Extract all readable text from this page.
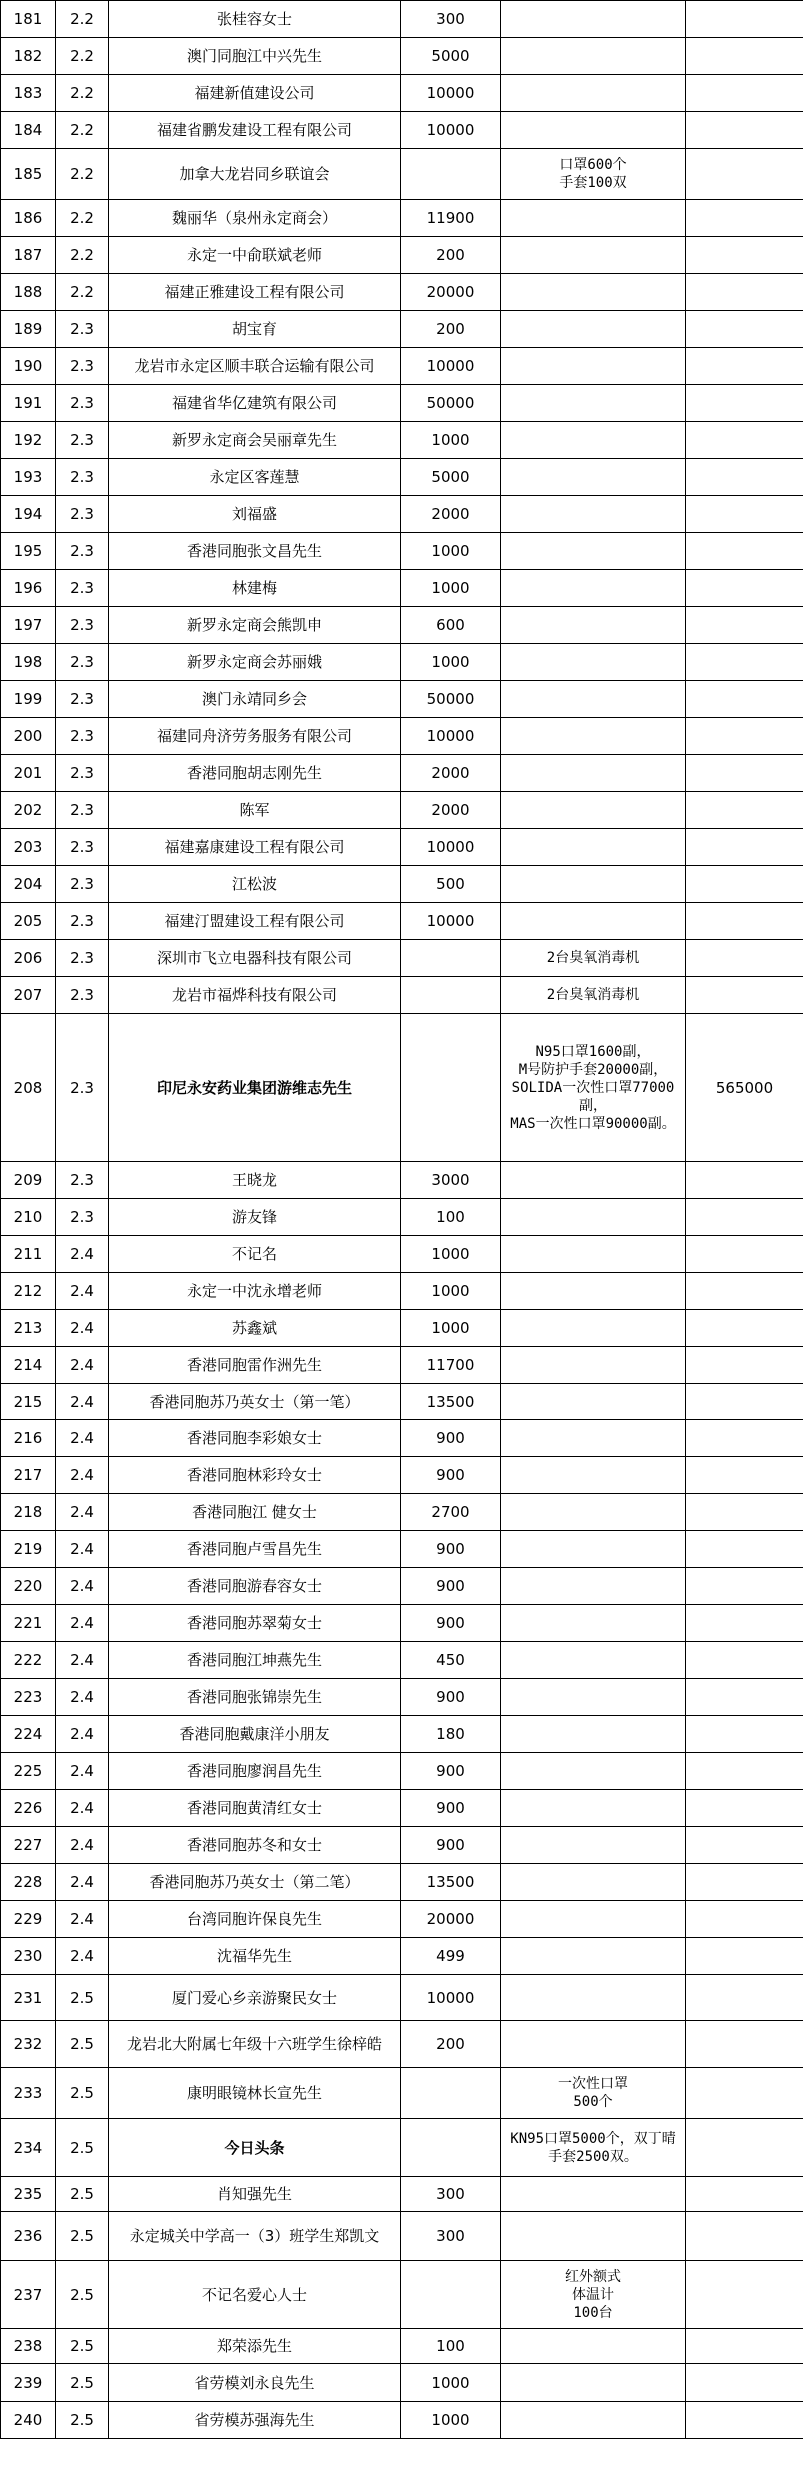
181	2.2	张桂容女士	300		
182	2.2	澳门同胞江中兴先生	5000		
183	2.2	福建新值建设公司	10000		
184	2.2	福建省鹏发建设工程有限公司	10000		
185	2.2	加拿大龙岩同乡联谊会		口罩600个
手套100双	

186	2.2	魏丽华（泉州永定商会）	11900		
187	2.2	永定一中俞联斌老师	200		
188	2.2	福建正雅建设工程有限公司	20000		
189	2.3	胡宝育	200		
190	2.3	龙岩市永定区顺丰联合运输有限公司	10000		
191	2.3	福建省华亿建筑有限公司	50000		
192	2.3	新罗永定商会吴丽章先生	1000		
193	2.3	永定区客莲慧	5000		
194	2.3	刘福盛	2000		
195	2.3	香港同胞张文昌先生	1000		
196	2.3	林建梅	1000		
197	2.3	新罗永定商会熊凯申	600		
198	2.3	新罗永定商会苏丽娥	1000		
199	2.3	澳门永靖同乡会	50000		
200	2.3	福建同舟济劳务服务有限公司	10000		
201	2.3	香港同胞胡志刚先生	2000		
202	2.3	陈军	2000		
203	2.3	福建嘉康建设工程有限公司	10000		
204	2.3	江松波	500		
205	2.3	福建汀盟建设工程有限公司	10000		
206	2.3	深圳市飞立电器科技有限公司		2台臭氧消毒机	

207	2.3	龙岩市福烨科技有限公司		2台臭氧消毒机	

208	2.3	印尼永安药业集团游维志先生		N95口罩1600副，
M号防护手套20000副，
SOLIDA一次性口罩77000
副，
MAS一次性口罩90000副。	565000
209	2.3	王晓龙	3000		
210	2.3	游友锋	100		
211	2.4	不记名	1000		
212	2.4	永定一中沈永增老师	1000		
213	2.4	苏鑫斌	1000		
214	2.4	香港同胞雷作洲先生	11700		
215	2.4	香港同胞苏乃英女士（第一笔）	13500		
216	2.4	香港同胞李彩娘女士	900		
217	2.4	香港同胞林彩玲女士	900		
218	2.4	香港同胞江 健女士	2700		
219	2.4	香港同胞卢雪昌先生	900		
220	2.4	香港同胞游春容女士	900		
221	2.4	香港同胞苏翠菊女士	900		
222	2.4	香港同胞江坤燕先生	450		
223	2.4	香港同胞张锦崇先生	900		
224	2.4	香港同胞戴康洋小朋友	180		
225	2.4	香港同胞廖润昌先生	900		
226	2.4	香港同胞黄清红女士	900		
227	2.4	香港同胞苏冬和女士	900		
228	2.4	香港同胞苏乃英女士（第二笔）	13500		
229	2.4	台湾同胞许保良先生	20000		
230	2.4	沈福华先生	499		
231	2.5	厦门爱心乡亲游聚民女士	10000		
232	2.5	龙岩北大附属七年级十六班学生徐梓皓	200		
233	2.5	康明眼镜林长宣先生		一次性口罩
500个	

234	2.5	今日头条		KN95口罩5000个，双丁晴
手套2500双。	

235	2.5	肖知强先生	300		
236	2.5	永定城关中学高一（3）班学生郑凯文	300		
237	2.5	不记名爱心人士		红外额式
体温计
100台	

238	2.5	郑荣添先生	100		
239	2.5	省劳模刘永良先生	1000		
240	2.5	省劳模苏强海先生	1000		
